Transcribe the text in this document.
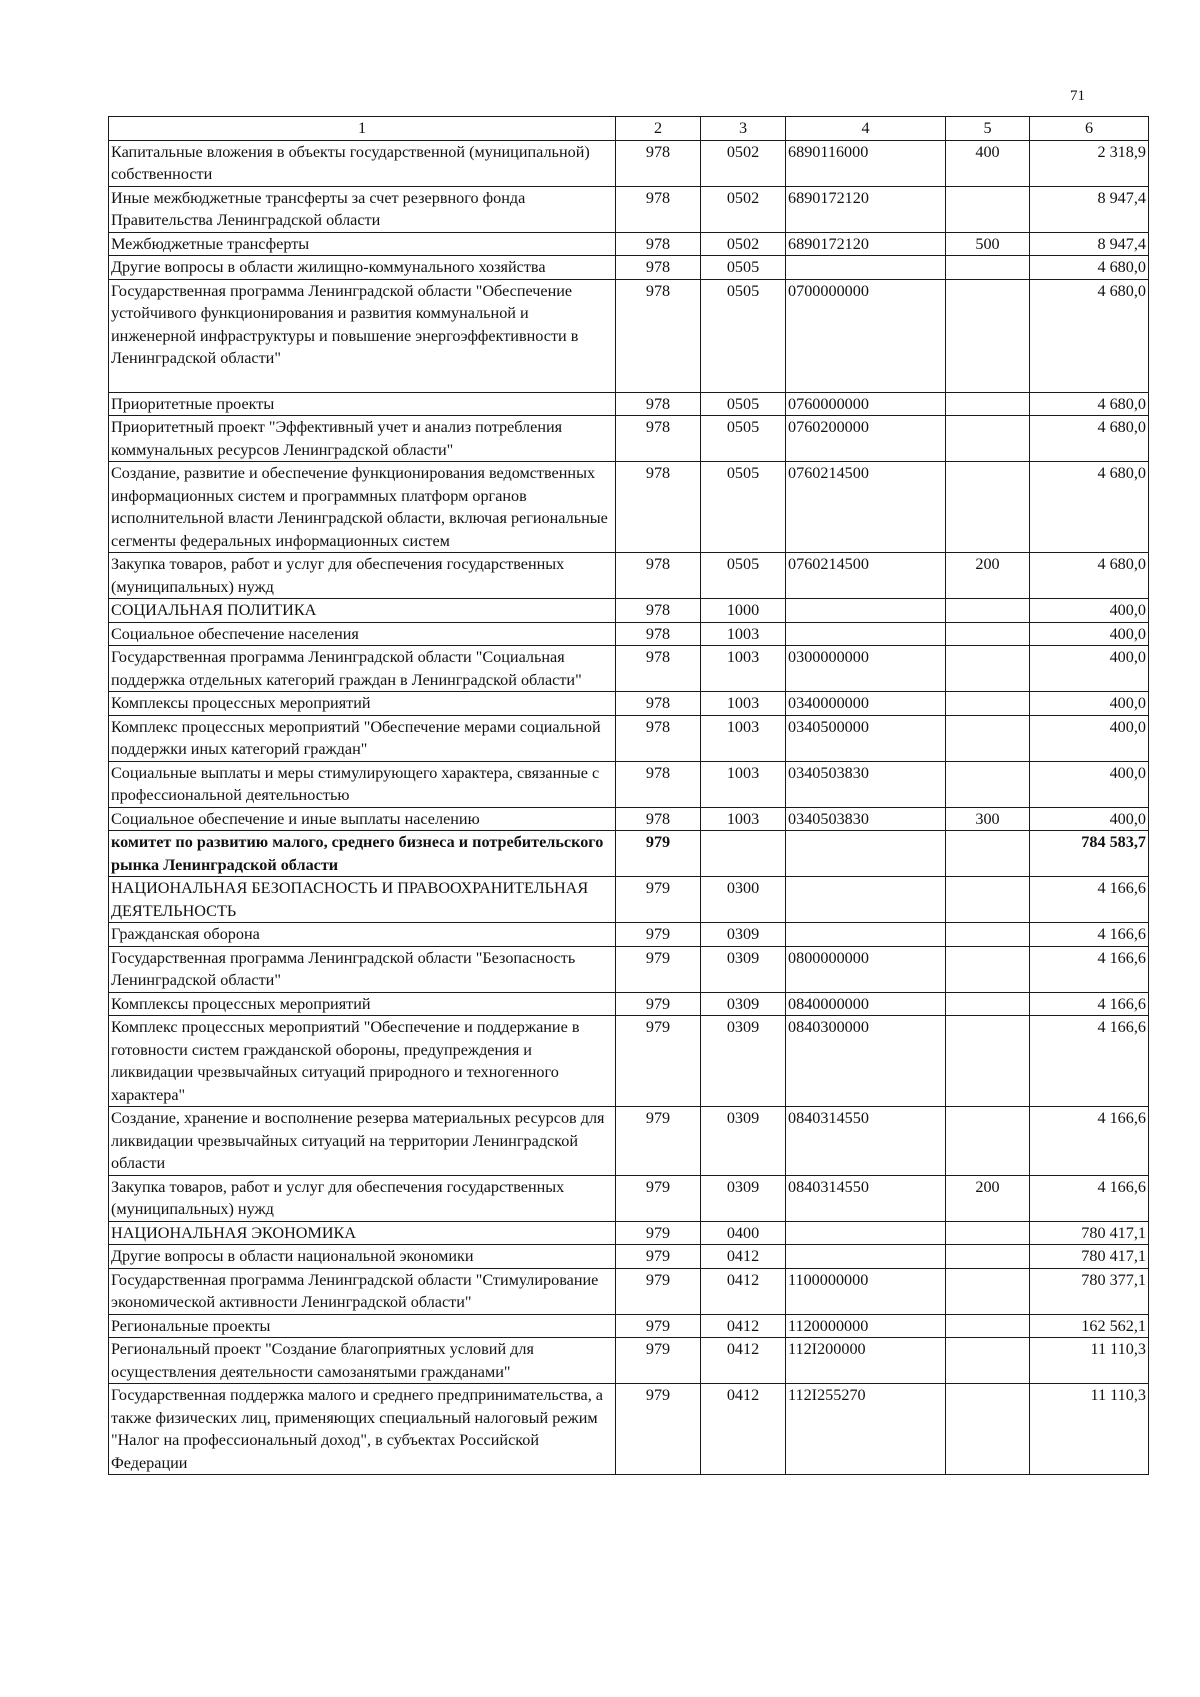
71
1	2	3	4	5	6
Капитальные вложения в объекты государственной (муниципальной) собственности	978	0502	6890116000	400	2 318,9
Иные межбюджетные трансферты за счет резервного фонда Правительства Ленинградской области	978	0502	6890172120		8 947,4
Межбюджетные трансферты	978	0502	6890172120	500	8 947,4
Другие вопросы в области жилищно-коммунального хозяйства	978	0505			4 680,0
Государственная программа Ленинградской области "Обеспечение устойчивого функционирования и развития коммунальной и инженерной инфраструктуры и повышение энергоэффективности в Ленинградской области"	978	0505	0700000000		4 680,0
Приоритетные проекты	978	0505	0760000000		4 680,0
Приоритетный проект "Эффективный учет и анализ потребления коммунальных ресурсов Ленинградской области"	978	0505	0760200000		4 680,0
Создание, развитие и обеспечение функционирования ведомственных информационных систем и программных платформ органов исполнительной власти Ленинградской области, включая региональные сегменты федеральных информационных систем	978	0505	0760214500		4 680,0
Закупка товаров, работ и услуг для обеспечения государственных (муниципальных) нужд	978	0505	0760214500	200	4 680,0
СОЦИАЛЬНАЯ ПОЛИТИКА	978	1000			400,0
Социальное обеспечение населения	978	1003			400,0
Государственная программа Ленинградской области "Социальная поддержка отдельных категорий граждан в Ленинградской области"	978	1003	0300000000		400,0
Комплексы процессных мероприятий	978	1003	0340000000		400,0
Комплекс процессных мероприятий "Обеспечение мерами социальной поддержки иных категорий граждан"	978	1003	0340500000		400,0
Социальные выплаты и меры стимулирующего характера, связанные с профессиональной деятельностью	978	1003	0340503830		400,0
Социальное обеспечение и иные выплаты населению	978	1003	0340503830	300	400,0
комитет по развитию малого, среднего бизнеса и потребительского рынка Ленинградской области	979				784 583,7
НАЦИОНАЛЬНАЯ БЕЗОПАСНОСТЬ И ПРАВООХРАНИТЕЛЬНАЯ ДЕЯТЕЛЬНОСТЬ	979	0300			4 166,6
Гражданская оборона	979	0309			4 166,6
Государственная программа Ленинградской области "Безопасность Ленинградской области"	979	0309	0800000000		4 166,6
Комплексы процессных мероприятий	979	0309	0840000000		4 166,6
Комплекс процессных мероприятий "Обеспечение и поддержание в готовности систем гражданской обороны, предупреждения и ликвидации чрезвычайных ситуаций природного и техногенного характера"	979	0309	0840300000		4 166,6
Создание, хранение и восполнение резерва материальных ресурсов для ликвидации чрезвычайных ситуаций на территории Ленинградской области	979	0309	0840314550		4 166,6
Закупка товаров, работ и услуг для обеспечения государственных (муниципальных) нужд	979	0309	0840314550	200	4 166,6
НАЦИОНАЛЬНАЯ ЭКОНОМИКА	979	0400			780 417,1
Другие вопросы в области национальной экономики	979	0412			780 417,1
Государственная программа Ленинградской области "Стимулирование экономической активности Ленинградской области"	979	0412	1100000000		780 377,1
Региональные проекты	979	0412	1120000000		162 562,1
Региональный проект "Создание благоприятных условий для осуществления деятельности самозанятыми гражданами"	979	0412	112I200000		11 110,3
Государственная поддержка малого и среднего предпринимательства, а также физических лиц, применяющих специальный налоговый режим "Налог на профессиональный доход", в субъектах Российской Федерации	979	0412	112I255270		11 110,3
